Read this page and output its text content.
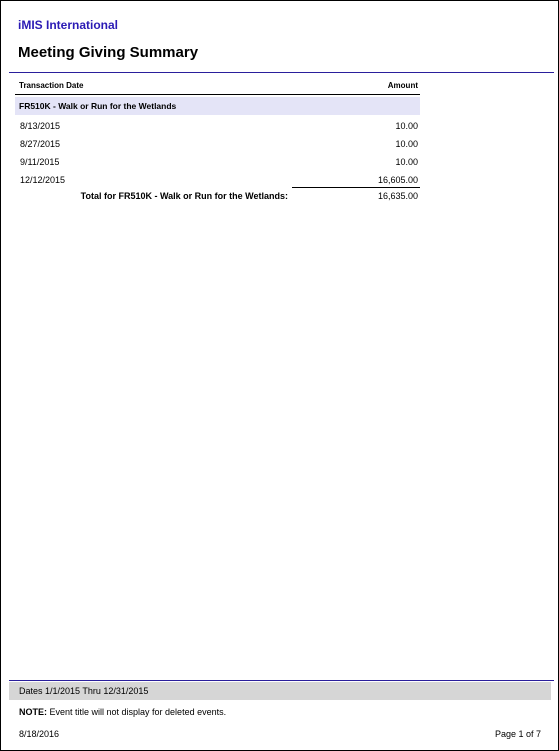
iMIS International
Meeting Giving Summary
Transaction Date	Amount
FR510K - Walk or Run for the Wetlands
8/13/2015	10.00
8/27/2015	10.00
9/11/2015	10.00
12/12/2015	16,605.00
Total for FR510K - Walk or Run for the Wetlands:	16,635.00
Dates 1/1/2015 Thru 12/31/2015
NOTE: Event title will not display for deleted events.
8/18/2016	Page 1 of 7
